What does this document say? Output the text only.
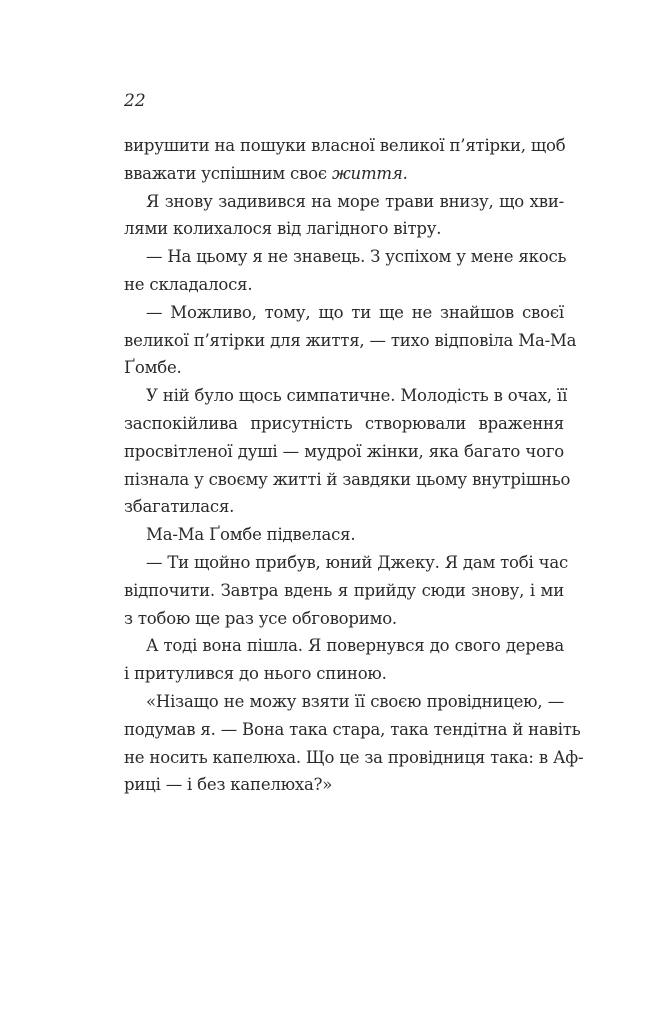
22
вирушити на пошуки власної великої п’ятірки, щоб
вважати успішним своє життя.
Я знову задивився на море трави внизу, що хви-
лями колихалося від лагідного вітру.
— На цьому я не знавець. З успіхом у мене якось
не складалося.
— Можливо, тому, що ти ще не знайшов своєї
великої п’ятірки для життя, — тихо відповіла Ма-Ма
Ґомбе.
У ній було щось симпатичне. Молодість в очах, її
заспокійлива присутність створювали враження
просвітленої душі — мудрої жінки, яка багато чого
пізнала у своєму житті й завдяки цьому внутрішньо
збагатилася.
Ма-Ма Ґомбе підвелася.
— Ти щойно прибув, юний Джеку. Я дам тобі час
відпочити. Завтра вдень я прийду сюди знову, і ми
з тобою ще раз усе обговоримо.
А тоді вона пішла. Я повернувся до свого дерева
і притулився до нього спиною.
«Нізащо не можу взяти її своєю провідницею, —
подумав я. — Вона така стара, така тендітна й навіть
не носить капелюха. Що це за провідниця така: в Аф-
риці — і без капелюха?»
